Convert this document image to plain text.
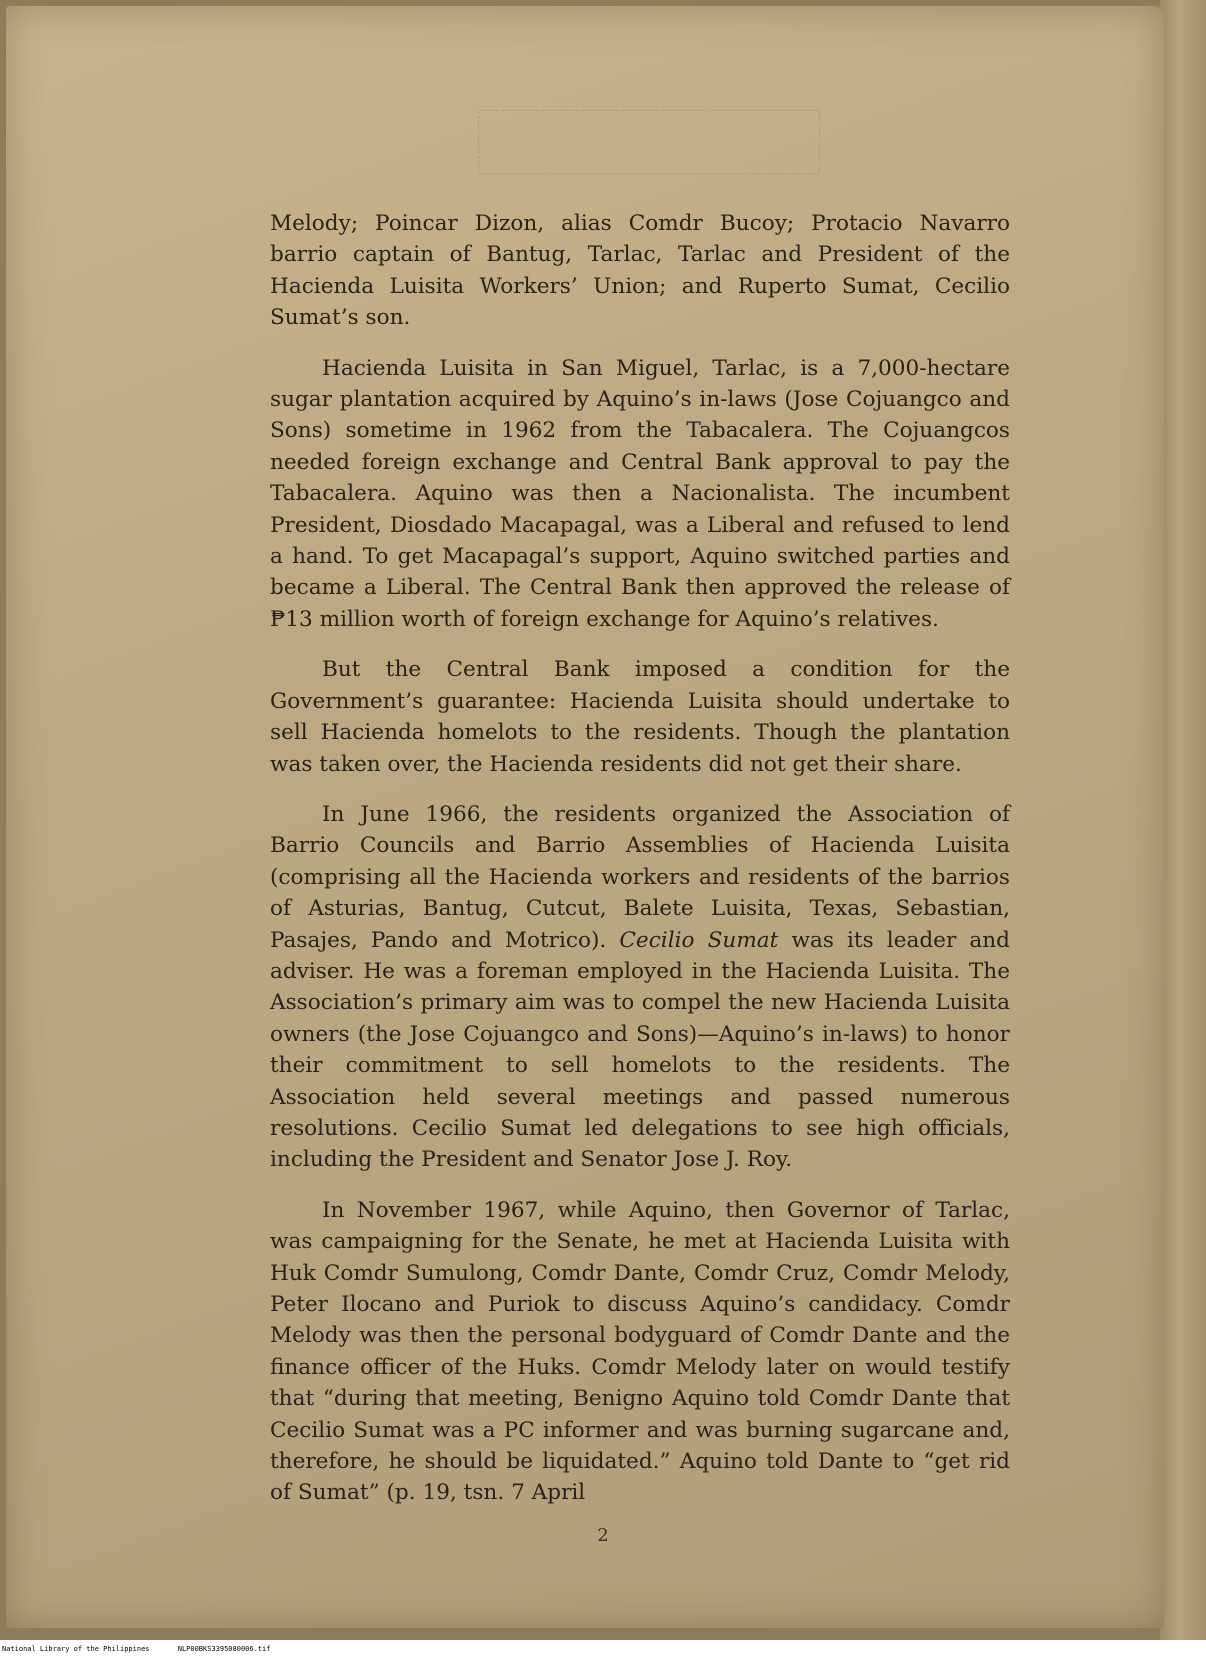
Melody; Poincar Dizon, alias Comdr Bucoy; Protacio Navarro barrio captain of Bantug, Tarlac, Tarlac and President of the Hacienda Luisita Workers’ Union; and Ruperto Sumat, Cecilio Sumat’s son.

Hacienda Luisita in San Miguel, Tarlac, is a 7,000-hectare sugar plantation acquired by Aquino’s in-laws (Jose Cojuangco and Sons) sometime in 1962 from the Tabacalera. The Cojuangcos needed foreign exchange and Central Bank approval to pay the Tabacalera. Aquino was then a Nacionalista. The incumbent President, Diosdado Macapagal, was a Liberal and refused to lend a hand. To get Macapagal’s support, Aquino switched parties and became a Liberal. The Central Bank then approved the release of ₱13 million worth of foreign exchange for Aquino’s relatives.

But the Central Bank imposed a condition for the Government’s guarantee: Hacienda Luisita should undertake to sell Hacienda homelots to the residents. Though the plantation was taken over, the Hacienda residents did not get their share.

In June 1966, the residents organized the Association of Barrio Councils and Barrio Assemblies of Hacienda Luisita (comprising all the Hacienda workers and residents of the barrios of Asturias, Bantug, Cutcut, Balete Luisita, Texas, Sebastian, Pasajes, Pando and Motrico). Cecilio Sumat was its leader and adviser. He was a foreman employed in the Hacienda Luisita. The Association’s primary aim was to compel the new Hacienda Luisita owners (the Jose Cojuangco and Sons)—Aquino’s in-laws) to honor their commitment to sell homelots to the residents. The Association held several meetings and passed numerous resolutions. Cecilio Sumat led delegations to see high officials, including the President and Senator Jose J. Roy.

In November 1967, while Aquino, then Governor of Tarlac, was campaigning for the Senate, he met at Hacienda Luisita with Huk Comdr Sumulong, Comdr Dante, Comdr Cruz, Comdr Melody, Peter Ilocano and Puriok to discuss Aquino’s candidacy. Comdr Melody was then the personal bodyguard of Comdr Dante and the finance officer of the Huks. Comdr Melody later on would testify that “during that meeting, Benigno Aquino told Comdr Dante that Cecilio Sumat was a PC informer and was burning sugarcane and, therefore, he should be liquidated.” Aquino told Dante to “get rid of Sumat” (p. 19, tsn. 7 April

2
National Library of the Philippines	NLP00BKS3395080006.tif
